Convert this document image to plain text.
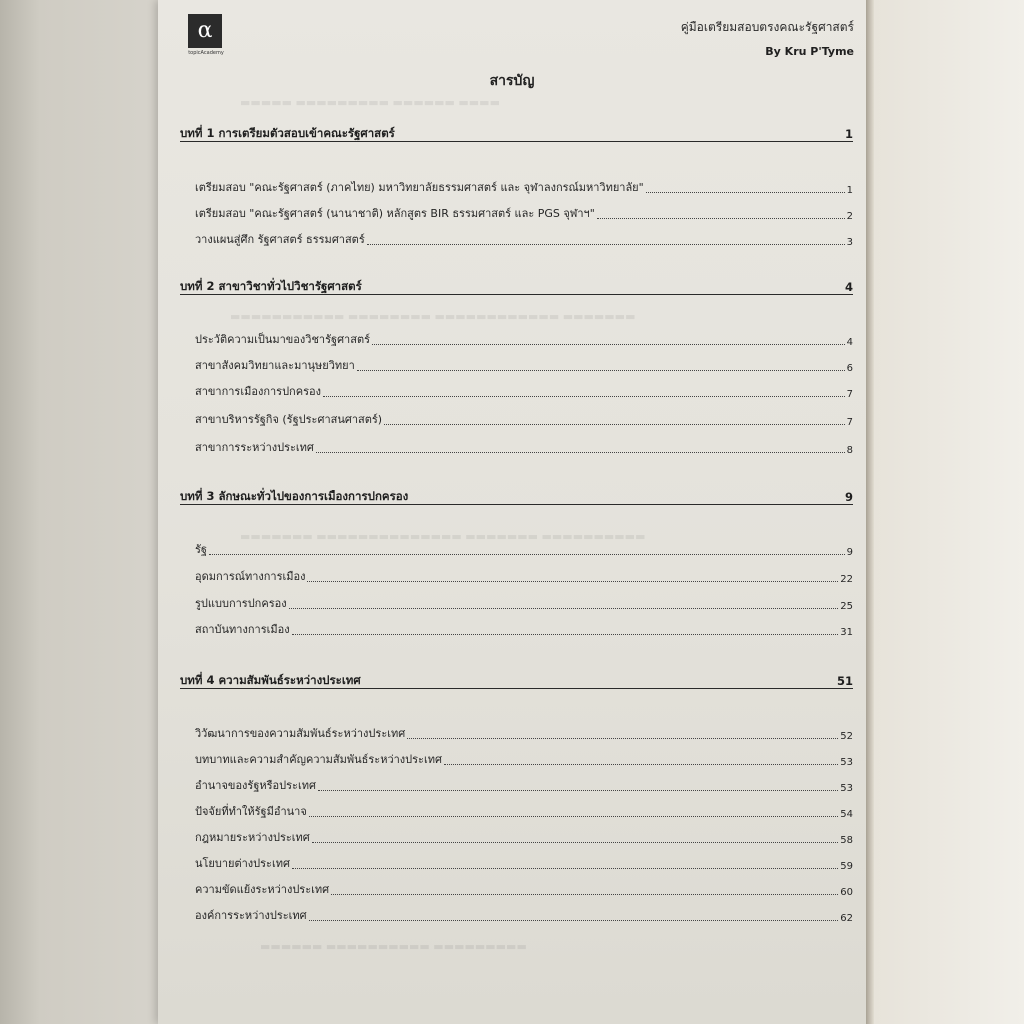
▬▬▬▬ ▬▬▬▬▬▬ ▬▬▬▬▬▬▬▬▬ ▬▬▬▬▬
▬▬▬▬▬▬▬ ▬▬▬▬▬▬▬▬▬▬▬▬ ▬▬▬▬▬▬▬▬ ▬▬▬▬▬▬▬▬▬▬▬
▬▬▬▬▬▬▬▬▬▬ ▬▬▬▬▬▬▬ ▬▬▬▬▬▬▬▬▬▬▬▬▬▬ ▬▬▬▬▬▬▬
▬▬▬▬▬▬▬▬▬ ▬▬▬▬▬▬▬▬▬▬ ▬▬▬▬▬▬
α
topicAcademy
คู่มือเตรียมสอบตรงคณะรัฐศาสตร์
By Kru P'Tyme
สารบัญ
บทที่ 1 การเตรียมตัวสอบเข้าคณะรัฐศาสตร์	1
เตรียมสอบ "คณะรัฐศาสตร์ (ภาคไทย) มหาวิทยาลัยธรรมศาสตร์ และ จุฬาลงกรณ์มหาวิทยาลัย"	1
เตรียมสอบ "คณะรัฐศาสตร์ (นานาชาติ) หลักสูตร BIR ธรรมศาสตร์ และ PGS จุฬาฯ"	2
วางแผนสู่ศึก รัฐศาสตร์ ธรรมศาสตร์	3
บทที่ 2 สาขาวิชาทั่วไปวิชารัฐศาสตร์	4
ประวัติความเป็นมาของวิชารัฐศาสตร์	4
สาขาสังคมวิทยาและมานุษยวิทยา	6
สาขาการเมืองการปกครอง	7
สาขาบริหารรัฐกิจ (รัฐประศาสนศาสตร์)	7
สาขาการระหว่างประเทศ	8
บทที่ 3 ลักษณะทั่วไปของการเมืองการปกครอง	9
รัฐ	9
อุดมการณ์ทางการเมือง	22
รูปแบบการปกครอง	25
สถาบันทางการเมือง	31
บทที่ 4 ความสัมพันธ์ระหว่างประเทศ	51
วิวัฒนาการของความสัมพันธ์ระหว่างประเทศ	52
บทบาทและความสำคัญความสัมพันธ์ระหว่างประเทศ	53
อำนาจของรัฐหรือประเทศ	53
ปัจจัยที่ทำให้รัฐมีอำนาจ	54
กฎหมายระหว่างประเทศ	58
นโยบายต่างประเทศ	59
ความขัดแย้งระหว่างประเทศ	60
องค์การระหว่างประเทศ	62
